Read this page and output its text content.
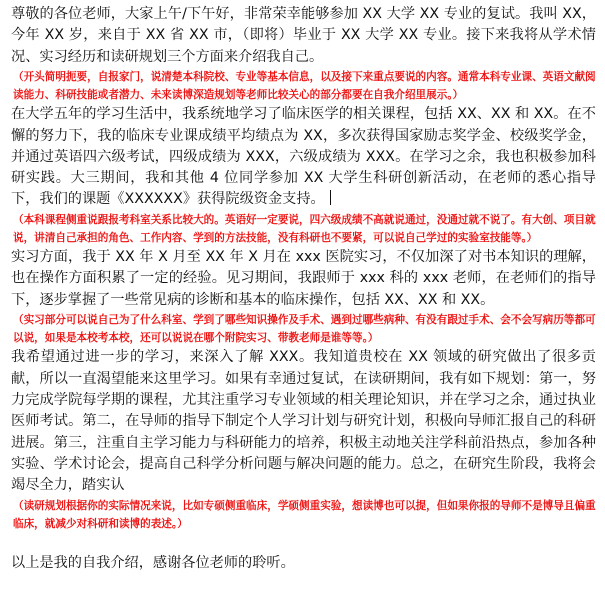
尊敬的各位老师，大家上午/下午好，非常荣幸能够参加 XX 大学 XX 专业的复试。我叫 XX，今年 XX 岁，来自于 XX 省 XX 市，（即将）毕业于 XX 大学 XX 专业。接下来我将从学术情况、实习经历和读研规划三个方面来介绍我自己。

（开头简明扼要，自报家门，说清楚本科院校、专业等基本信息，以及接下来重点要说的内容。通常本科专业课、英语文献阅读能力、科研技能或者潜力、未来读博深造规划等老师比较关心的部分都要在自我介绍里展示。）

在大学五年的学习生活中，我系统地学习了临床医学的相关课程，包括 XX、XX 和 XX。在不懈的努力下，我的临床专业课成绩平均绩点为 XX，多次获得国家励志奖学金、校级奖学金，并通过英语四六级考试，四级成绩为 XXX，六级成绩为 XXX。在学习之余，我也积极参加科研实践。大三期间，我和其他 4 位同学参加 XX 大学生科研创新活动，在老师的悉心指导下，我们的课题《XXXXXX》获得院级资金支持。

（本科课程侧重说跟报考科室关系比较大的。英语好一定要说，四六级成绩不高就说通过，没通过就不说了。有大创、项目就说，讲清自己承担的角色、工作内容、学到的方法技能，没有科研也不要紧，可以说自己学过的实验室技能等。）

实习方面，我于 XX 年 X 月至 XX 年 X 月在 xxx 医院实习，不仅加深了对书本知识的理解，也在操作方面积累了一定的经验。见习期间，我跟师于 xxx 科的 xxx 老师，在老师们的指导下，逐步掌握了一些常见病的诊断和基本的临床操作，包括 XX、XX 和 XX。

（实习部分可以说自己为了什么科室、学到了哪些知识操作及手术、遇到过哪些病种、有没有跟过手术、会不会写病历等都可以说，如果是本校考本校，还可以说说在哪个附院实习、带教老师是谁等等。）

我希望通过进一步的学习，来深入了解 XXX。我知道贵校在 XX 领域的研究做出了很多贡献，所以一直渴望能来这里学习。如果有幸通过复试，在读研期间，我有如下规划：第一，努力完成学院每学期的课程，尤其注重学习专业领域的相关理论知识，并在学习之余，通过执业医师考试。第二，在导师的指导下制定个人学习计划与研究计划，积极向导师汇报自己的科研进展。第三，注重自主学习能力与科研能力的培养，积极主动地关注学科前沿热点，参加各种实验、学术讨论会，提高自己科学分析问题与解决问题的能力。总之，在研究生阶段，我将会竭尽全力，踏实认

（读研规划根据你的实际情况来说，比如专硕侧重临床，学硕侧重实验，想读博也可以提，但如果你报的导师不是博导且偏重临床，就减少对科研和读博的表述。）

以上是我的自我介绍，感谢各位老师的聆听。
